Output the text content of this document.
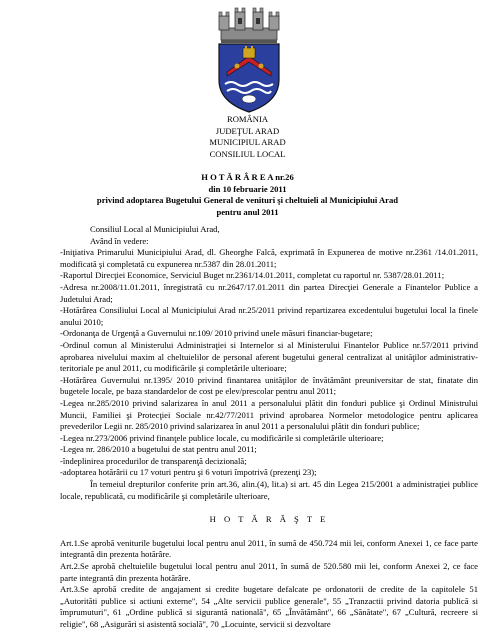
ROMÂNIA
JUDEŢUL ARAD
MUNICIPIUL ARAD
CONSILIUL LOCAL
H O T Ă R Â R E A nr.26
din 10 februarie 2011
privind adoptarea Bugetului General de venituri şi cheltuieli al Municipiului Arad
pentru anul 2011

Consiliul Local al Municipiului Arad,

Având în vedere:

-Iniţiativa Primarului Municipiului Arad, dl. Gheorghe Falcă, exprimată în Expunerea de motive nr.2361 /14.01.2011, modificată şi completată cu expunerea nr.5387 din 28.01.2011;

-Raportul Direcţiei Economice, Serviciul Buget nr.2361/14.01.2011, completat cu raportul nr. 5387/28.01.2011;

-Adresa nr.2008/11.01.2011, înregistrată cu nr.2647/17.01.2011 din partea Direcţiei Generale a Finantelor Publice a Judetului Arad;

-Hotărârea Consiliului Local al Municipiului Arad nr.25/2011 privind repartizarea excedentului bugetului local la finele anului 2010;

-Ordonanţa de Urgenţă a Guvernului nr.109/ 2010 privind unele măsuri financiar-bugetare;

-Ordinul comun al Ministerului Administraţiei si Internelor si al Ministerului Finantelor Publice nr.57/2011 privind aprobarea nivelului maxim al cheltuielilor de personal aferent bugetului general centralizat al unităţilor administrativ-teritoriale pe anul 2011, cu modificările şi completările ulterioare;

-Hotărârea Guvernului nr.1395/ 2010 privind finantarea unităţilor de învătământ preuniversitar de stat, finatate din bugetele locale, pe baza standardelor de cost pe elev/prescolar pentru anul 2011;

-Legea nr.285/2010 privind salarizarea în anul 2011 a personalului plătit din fonduri publice şi Ordinul Ministrului Muncii, Familiei şi Protecţiei Sociale nr.42/77/2011 privind aprobarea Normelor metodologice pentru aplicarea prevederilor Legii nr. 285/2010 privind salarizarea în anul 2011 a personalului plătit din fonduri publice;

-Legea nr.273/2006 privind finanţele publice locale, cu modificările si completările ulterioare;

-Legea nr. 286/2010 a bugetului de stat pentru anul 2011;

-îndeplinirea procedurilor de transparenţă decizională;

-adoptarea hotărârii cu 17 voturi pentru şi 6 voturi împotrivă (prezenţi 23);

În temeiul drepturilor conferite prin art.36, alin.(4), lit.a) si art. 45 din Legea 215/2001 a administraţiei publice locale, republicată, cu modificările şi completările ulterioare,

H O T Ă R Ă Ş T E

Art.1.Se aprobă veniturile bugetului local pentru anul 2011, în sumă de 450.724 mii lei, conform Anexei 1, ce face parte integrantă din prezenta hotărâre.

Art.2.Se aprobă cheltuielile bugetului local pentru anul 2011, în sumă de 520.580 mii lei, conform Anexei 2, ce face parte integrantă din prezenta hotărâre.

Art.3.Se aprobă credite de angajament si credite bugetare defalcate pe ordonatorii de credite de la capitolele 51 „Autorităti publice si actiuni externe", 54 „Alte servicii publice generale", 55 „Tranzactii privind datoria publică si împrumuturi", 61 „Ordine publică si sigurantă natională", 65 „Învătământ", 66 „Sănătate", 67 „Cultură, recreere si religie", 68 „Asigurări si asistentă socială", 70 „Locuinte, servicii si dezvoltare
